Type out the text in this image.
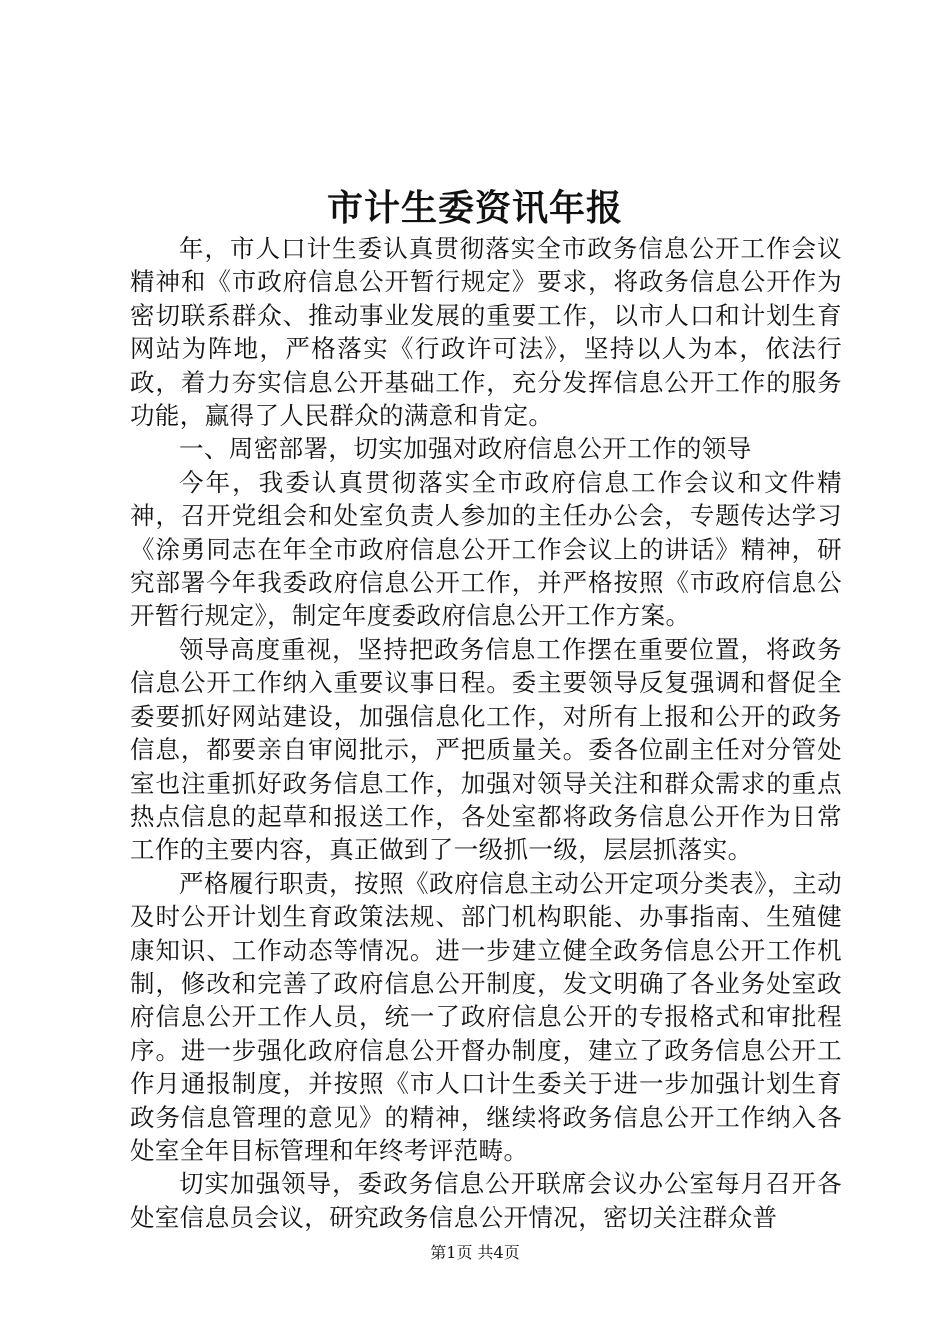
市计生委资讯年报

年，市人口计生委认真贯彻落实全市政务信息公开工作会议精神和《市政府信息公开暂行规定》要求，将政务信息公开作为密切联系群众、推动事业发展的重要工作，以市人口和计划生育网站为阵地，严格落实《行政许可法》，坚持以人为本，依法行政，着力夯实信息公开基础工作，充分发挥信息公开工作的服务功能，赢得了人民群众的满意和肯定。

一、周密部署，切实加强对政府信息公开工作的领导

今年，我委认真贯彻落实全市政府信息工作会议和文件精神，召开党组会和处室负责人参加的主任办公会，专题传达学习《涂勇同志在年全市政府信息公开工作会议上的讲话》精神，研究部署今年我委政府信息公开工作，并严格按照《市政府信息公开暂行规定》，制定年度委政府信息公开工作方案。

领导高度重视，坚持把政务信息工作摆在重要位置，将政务信息公开工作纳入重要议事日程。委主要领导反复强调和督促全委要抓好网站建设，加强信息化工作，对所有上报和公开的政务信息，都要亲自审阅批示，严把质量关。委各位副主任对分管处室也注重抓好政务信息工作，加强对领导关注和群众需求的重点热点信息的起草和报送工作，各处室都将政务信息公开作为日常工作的主要内容，真正做到了一级抓一级，层层抓落实。

严格履行职责，按照《政府信息主动公开定项分类表》，主动及时公开计划生育政策法规、部门机构职能、办事指南、生殖健康知识、工作动态等情况。进一步建立健全政务信息公开工作机制，修改和完善了政府信息公开制度，发文明确了各业务处室政府信息公开工作人员，统一了政府信息公开的专报格式和审批程序。进一步强化政府信息公开督办制度，建立了政务信息公开工作月通报制度，并按照《市人口计生委关于进一步加强计划生育政务信息管理的意见》的精神，继续将政务信息公开工作纳入各处室全年目标管理和年终考评范畴。

切实加强领导，委政务信息公开联席会议办公室每月召开各处室信息员会议，研究政务信息公开情况，密切关注群众普

第1页 共4页
